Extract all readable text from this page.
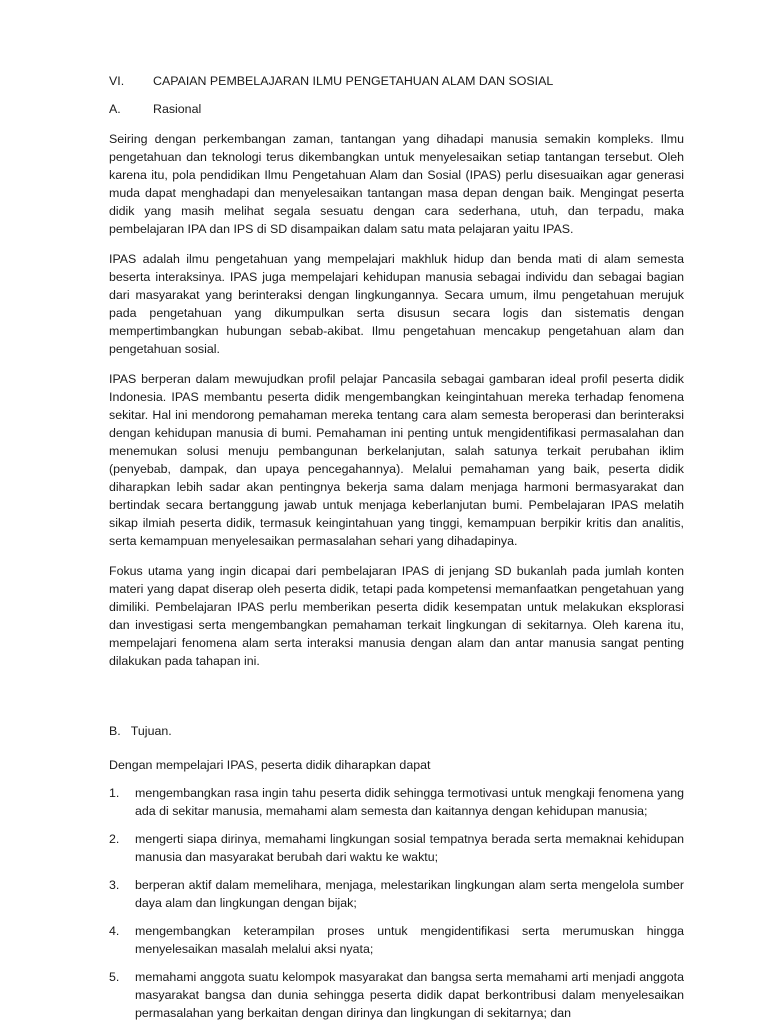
VI.	CAPAIAN PEMBELAJARAN ILMU PENGETAHUAN ALAM DAN SOSIAL
A.	Rasional

Seiring dengan perkembangan zaman, tantangan yang dihadapi manusia semakin kompleks. Ilmu pengetahuan dan teknologi terus dikembangkan untuk menyelesaikan setiap tantangan tersebut. Oleh karena itu, pola pendidikan Ilmu Pengetahuan Alam dan Sosial (IPAS) perlu disesuaikan agar generasi muda dapat menghadapi dan menyelesaikan tantangan masa depan dengan baik. Mengingat peserta didik yang masih melihat segala sesuatu dengan cara sederhana, utuh, dan terpadu, maka pembelajaran IPA dan IPS di SD disampaikan dalam satu mata pelajaran yaitu IPAS.

IPAS adalah ilmu pengetahuan yang mempelajari makhluk hidup dan benda mati di alam semesta beserta interaksinya. IPAS juga mempelajari kehidupan manusia sebagai individu dan sebagai bagian dari masyarakat yang berinteraksi dengan lingkungannya. Secara umum, ilmu pengetahuan merujuk pada pengetahuan yang dikumpulkan serta disusun secara logis dan sistematis dengan mempertimbangkan hubungan sebab-akibat. Ilmu pengetahuan mencakup pengetahuan alam dan pengetahuan sosial.

IPAS berperan dalam mewujudkan profil pelajar Pancasila sebagai gambaran ideal profil peserta didik Indonesia. IPAS membantu peserta didik mengembangkan keingintahuan mereka terhadap fenomena sekitar. Hal ini mendorong pemahaman mereka tentang cara alam semesta beroperasi dan berinteraksi dengan kehidupan manusia di bumi. Pemahaman ini penting untuk mengidentifikasi permasalahan dan menemukan solusi menuju pembangunan berkelanjutan, salah satunya terkait perubahan iklim (penyebab, dampak, dan upaya pencegahannya). Melalui pemahaman yang baik, peserta didik diharapkan lebih sadar akan pentingnya bekerja sama dalam menjaga harmoni bermasyarakat dan bertindak secara bertanggung jawab untuk menjaga keberlanjutan bumi. Pembelajaran IPAS melatih sikap ilmiah peserta didik, termasuk keingintahuan yang tinggi, kemampuan berpikir kritis dan analitis, serta kemampuan menyelesaikan permasalahan sehari yang dihadapinya.

Fokus utama yang ingin dicapai dari pembelajaran IPAS di jenjang SD bukanlah pada jumlah konten materi yang dapat diserap oleh peserta didik, tetapi pada kompetensi memanfaatkan pengetahuan yang dimiliki. Pembelajaran IPAS perlu memberikan peserta didik kesempatan untuk melakukan eksplorasi dan investigasi serta mengembangkan pemahaman terkait lingkungan di sekitarnya. Oleh karena itu, mempelajari fenomena alam serta interaksi manusia dengan alam dan antar manusia sangat penting dilakukan pada tahapan ini.

B.   Tujuan.

Dengan mempelajari IPAS, peserta didik diharapkan dapat

1.	mengembangkan rasa ingin tahu peserta didik sehingga termotivasi untuk mengkaji fenomena yang ada di sekitar manusia, memahami alam semesta dan kaitannya dengan kehidupan manusia;
2.	mengerti siapa dirinya, memahami lingkungan sosial tempatnya berada serta memaknai kehidupan manusia dan masyarakat berubah dari waktu ke waktu;
3.	berperan aktif dalam memelihara, menjaga, melestarikan lingkungan alam serta mengelola sumber daya alam dan lingkungan dengan bijak;
4.	mengembangkan keterampilan proses untuk mengidentifikasi serta merumuskan hingga menyelesaikan masalah melalui aksi nyata;
5.	memahami anggota suatu kelompok masyarakat dan bangsa serta memahami arti menjadi anggota masyarakat bangsa dan dunia sehingga peserta didik dapat berkontribusi dalam menyelesaikan permasalahan yang berkaitan dengan dirinya dan lingkungan di sekitarnya; dan
